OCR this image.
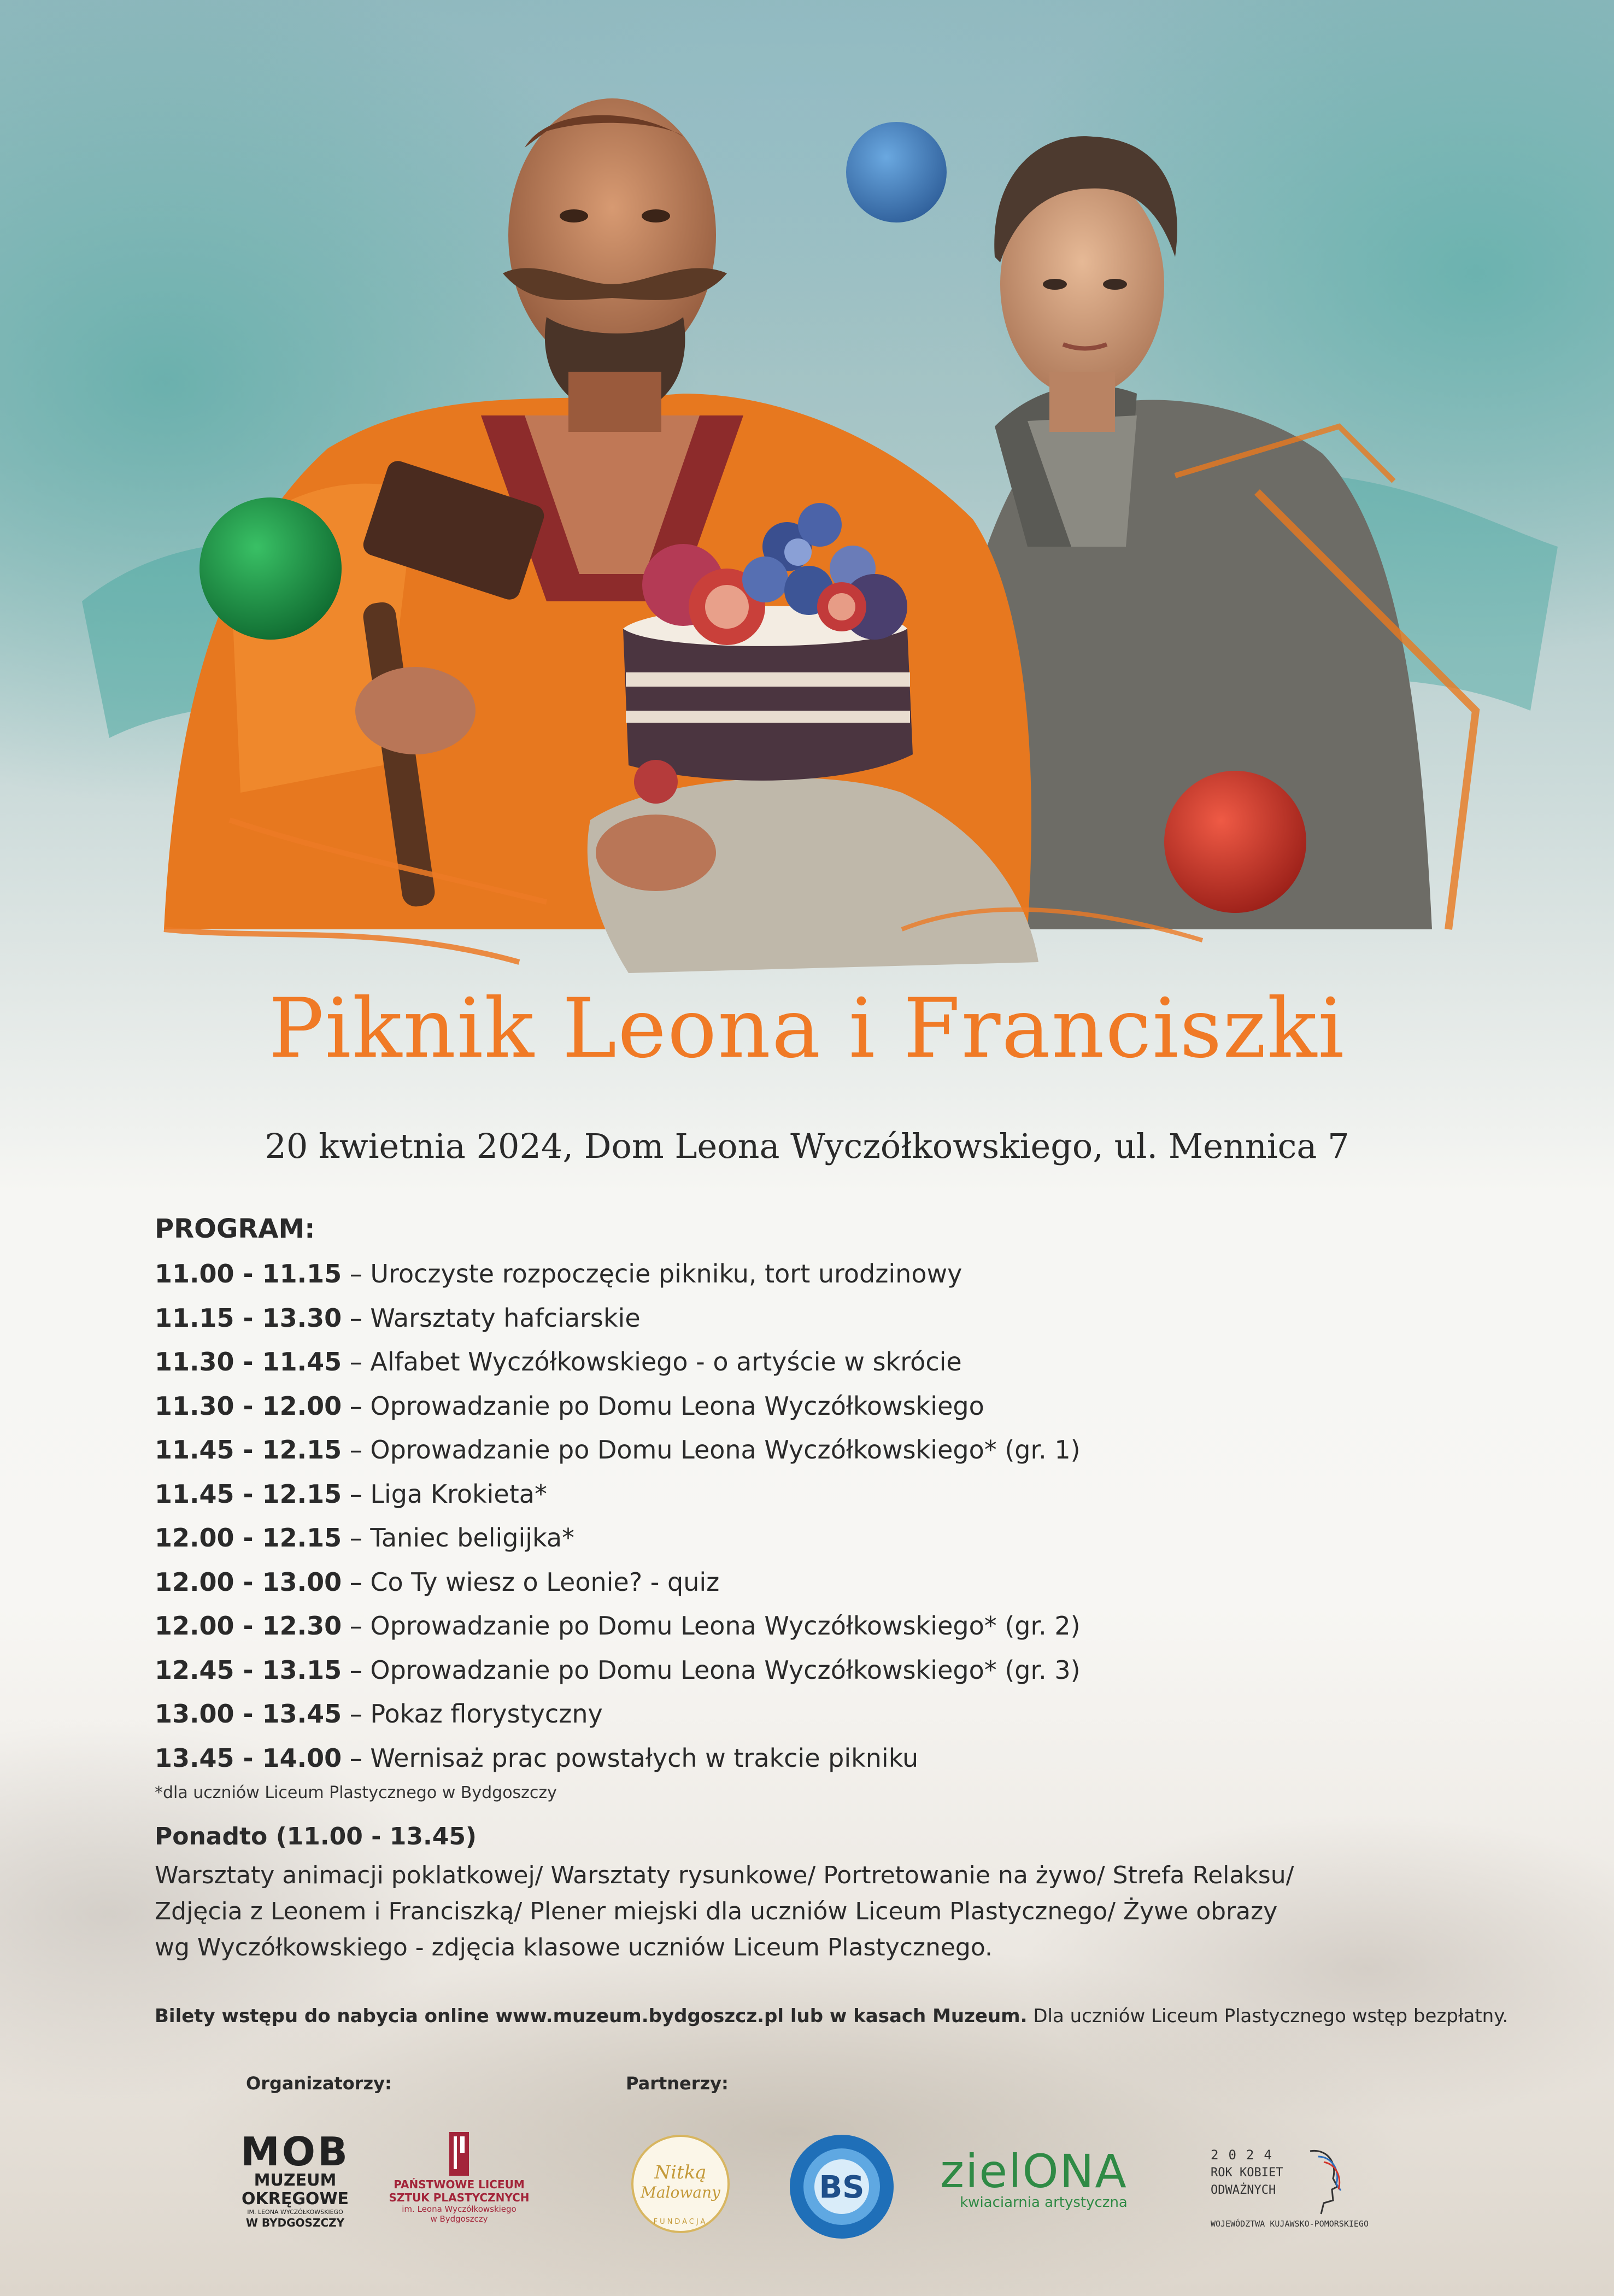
Piknik Leona i Franciszki
20 kwietnia 2024, Dom Leona Wyczółkowskiego, ul. Mennica 7
PROGRAM:
11.00 - 11.15 – Uroczyste rozpoczęcie pikniku, tort urodzinowy
11.15 - 13.30 – Warsztaty hafciarskie
11.30 - 11.45 – Alfabet Wyczółkowskiego - o artyście w skrócie
11.30 - 12.00 – Oprowadzanie po Domu Leona Wyczółkowskiego
11.45 - 12.15 – Oprowadzanie po Domu Leona Wyczółkowskiego* (gr. 1)
11.45 - 12.15 – Liga Krokieta*
12.00 - 12.15 – Taniec beligijka*
12.00 - 13.00 – Co Ty wiesz o Leonie? - quiz
12.00 - 12.30 – Oprowadzanie po Domu Leona Wyczółkowskiego* (gr. 2)
12.45 - 13.15 – Oprowadzanie po Domu Leona Wyczółkowskiego* (gr. 3)
13.00 - 13.45 – Pokaz florystyczny
13.45 - 14.00 – Wernisaż prac powstałych w trakcie pikniku
*dla uczniów Liceum Plastycznego w Bydgoszczy
Ponadto (11.00 - 13.45)
Warsztaty animacji poklatkowej/ Warsztaty rysunkowe/ Portretowanie na żywo/ Strefa Relaksu/
Zdjęcia z Leonem i Franciszką/ Plener miejski dla uczniów Liceum Plastycznego/ Żywe obrazy
wg Wyczółkowskiego - zdjęcia klasowe uczniów Liceum Plastycznego.
Bilety wstępu do nabycia online www.muzeum.bydgoszcz.pl lub w kasach Muzeum. Dla uczniów Liceum Plastycznego wstęp bezpłatny.
Organizatorzy:	Partnerzy:
MOB
MUZEUM
OKRĘGOWE
IM. LEONA WYCZÓŁKOWSKIEGO
W BYDGOSZCZY
PAŃSTWOWE LICEUM
SZTUK PLASTYCZNYCH
im. Leona Wyczółkowskiego
w Bydgoszczy
Nitką
Malowany
FUNDACJA
BS zielONA
kwiaciarnia artystyczna
2024
ROK KOBIET
ODWAŻNYCH
WOJEWÓDZTWA KUJAWSKO-POMORSKIEGO
